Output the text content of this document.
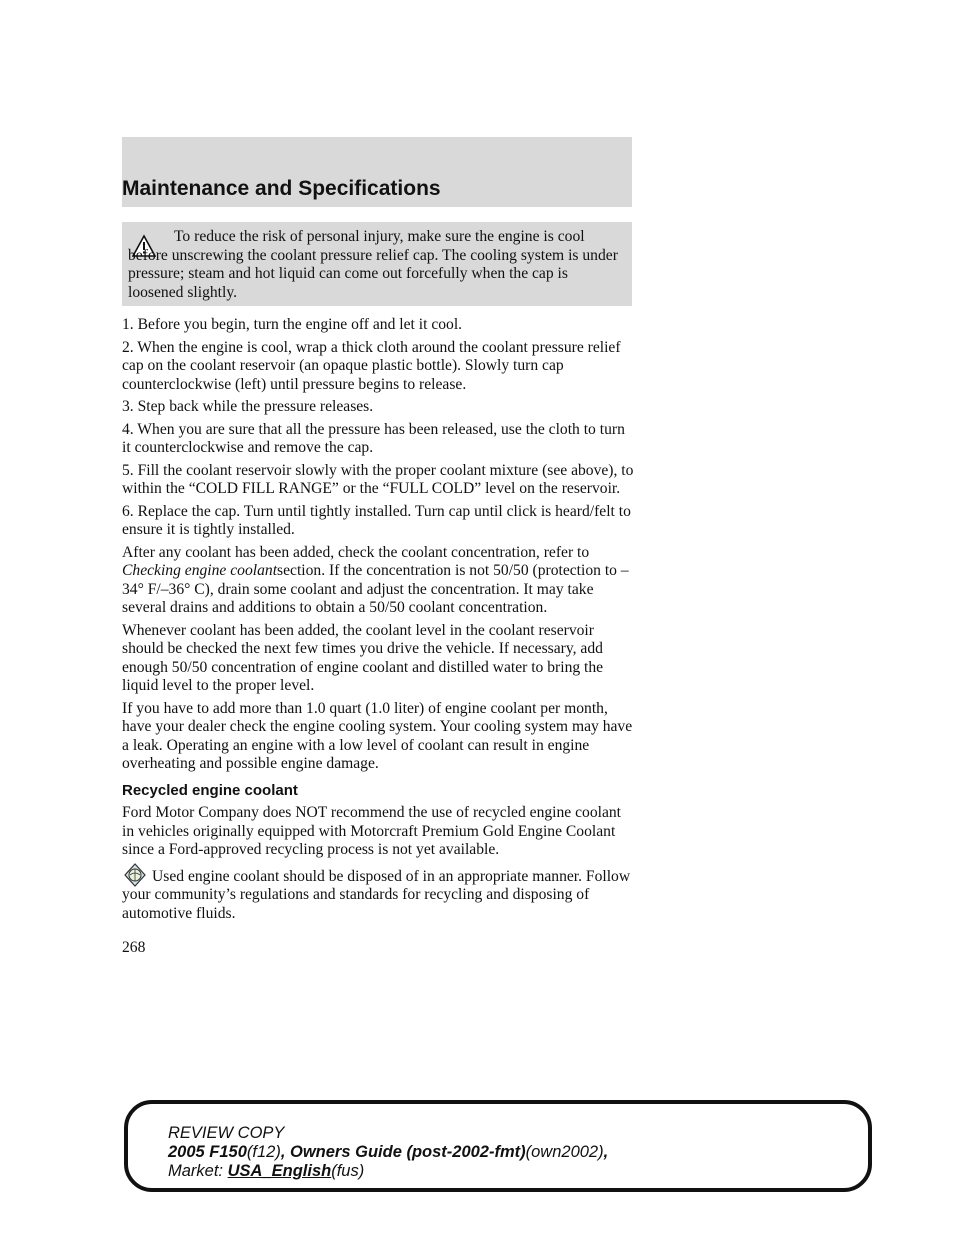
Maintenance and Specifications

To reduce the risk of personal injury, make sure the engine is cool before unscrewing the coolant pressure relief cap. The cooling system is under pressure; steam and hot liquid can come out forcefully when the cap is loosened slightly.

1. Before you begin, turn the engine off and let it cool.

2. When the engine is cool, wrap a thick cloth around the coolant pressure relief cap on the coolant reservoir (an opaque plastic bottle). Slowly turn cap counterclockwise (left) until pressure begins to release.

3. Step back while the pressure releases.

4. When you are sure that all the pressure has been released, use the cloth to turn it counterclockwise and remove the cap.

5. Fill the coolant reservoir slowly with the proper coolant mixture (see above), to within the “COLD FILL RANGE” or the “FULL COLD” level on the reservoir.

6. Replace the cap. Turn until tightly installed. Turn cap until click is heard/felt to ensure it is tightly installed.

After any coolant has been added, check the coolant concentration, refer to Checking engine coolantsection. If the concentration is not 50/50 (protection to –34° F/–36° C), drain some coolant and adjust the concentration. It may take several drains and additions to obtain a 50/50 coolant concentration.

Whenever coolant has been added, the coolant level in the coolant reservoir should be checked the next few times you drive the vehicle. If necessary, add enough 50/50 concentration of engine coolant and distilled water to bring the liquid level to the proper level.

If you have to add more than 1.0 quart (1.0 liter) of engine coolant per month, have your dealer check the engine cooling system. Your cooling system may have a leak. Operating an engine with a low level of coolant can result in engine overheating and possible engine damage.

Recycled engine coolant

Ford Motor Company does NOT recommend the use of recycled engine coolant in vehicles originally equipped with Motorcraft Premium Gold Engine Coolant since a Ford-approved recycling process is not yet available.

Used engine coolant should be disposed of in an appropriate manner. Follow your community’s regulations and standards for recycling and disposing of automotive fluids.

268
REVIEW COPY
2005 F150(f12), Owners Guide (post-2002-fmt)(own2002),
Market: USA_English(fus)
